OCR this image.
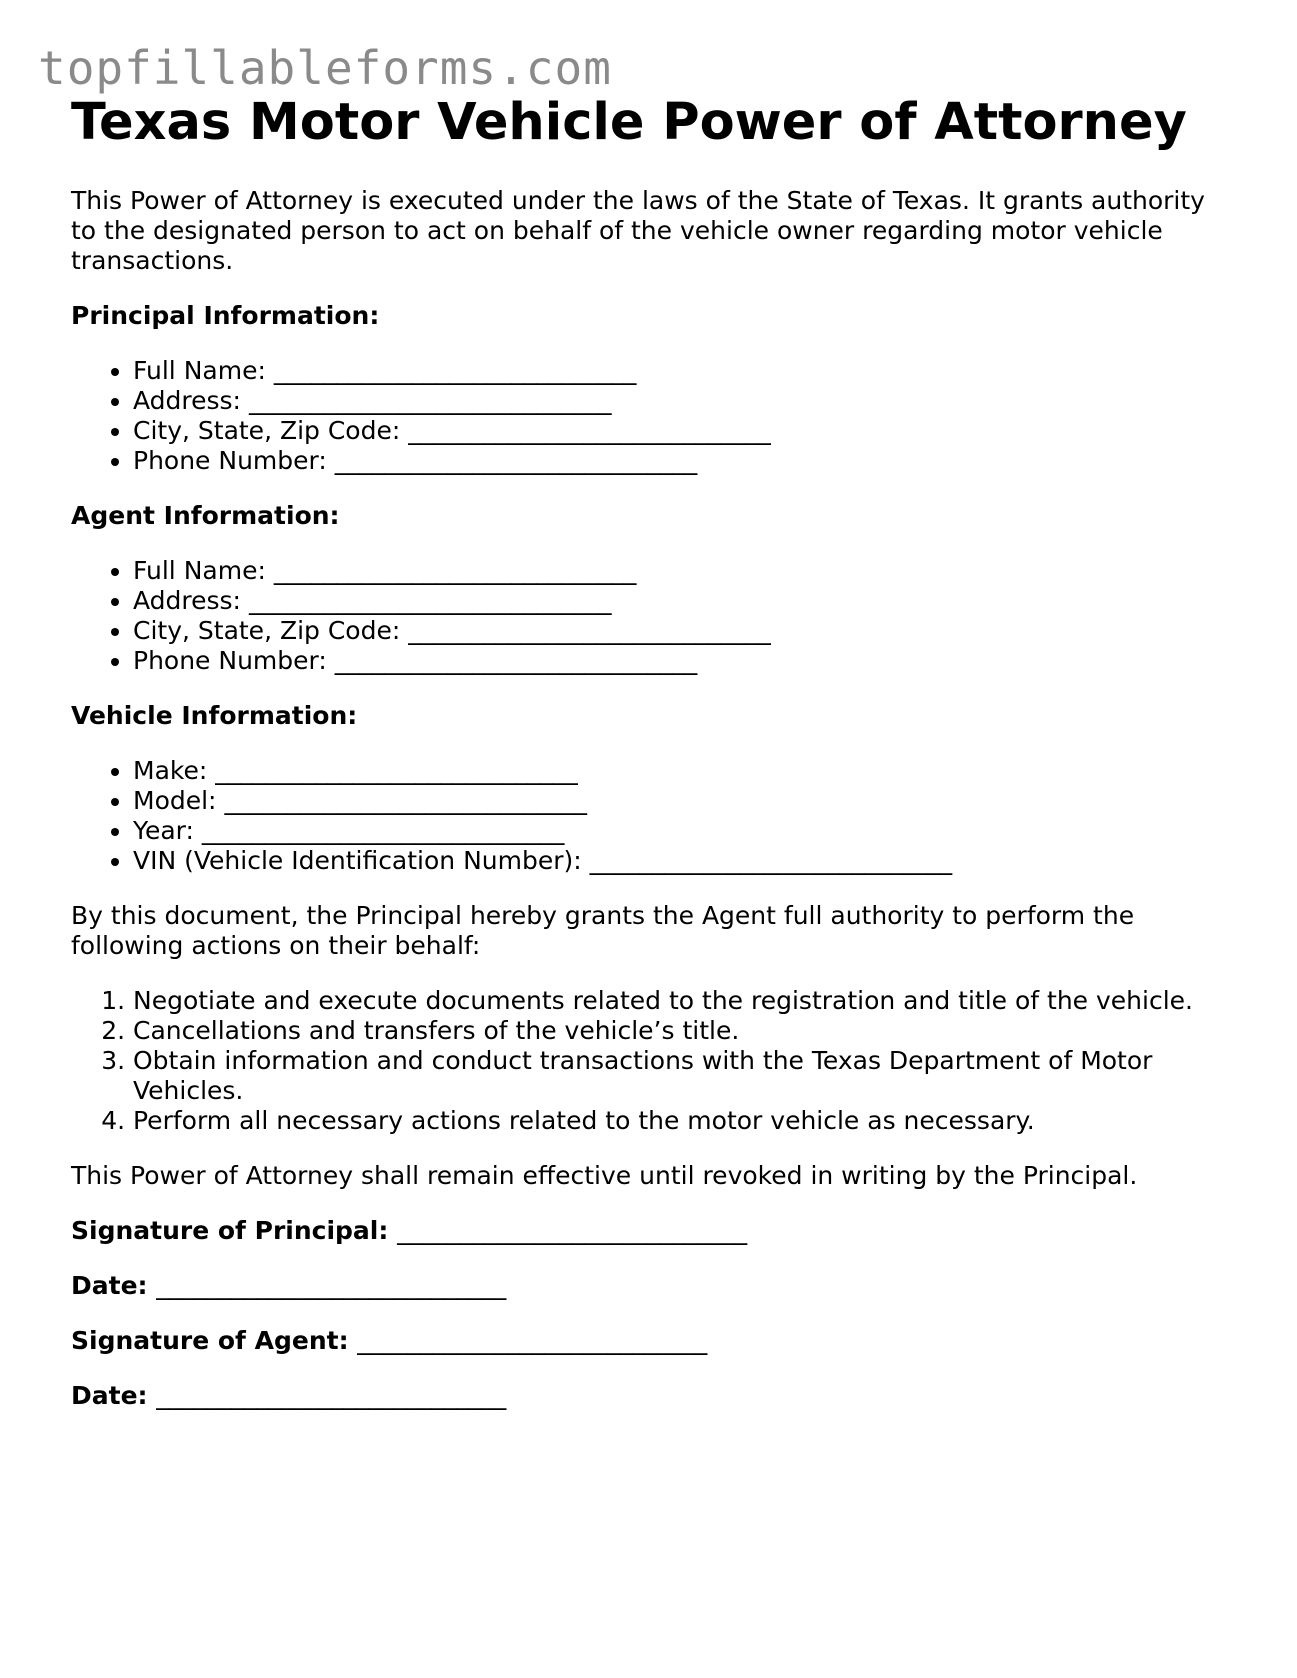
topfillableforms.com
Texas Motor Vehicle Power of Attorney

This Power of Attorney is executed under the laws of the State of Texas. It grants authority to the designated person to act on behalf of the vehicle owner regarding motor vehicle transactions.

Principal Information:

• Full Name: _____________________________
• Address: _____________________________
• City, State, Zip Code: _____________________________
• Phone Number: _____________________________

Agent Information:

• Full Name: _____________________________
• Address: _____________________________
• City, State, Zip Code: _____________________________
• Phone Number: _____________________________

Vehicle Information:

• Make: _____________________________
• Model: _____________________________
• Year: _____________________________
• VIN (Vehicle Identification Number): _____________________________

By this document, the Principal hereby grants the Agent full authority to perform the following actions on their behalf:

1. Negotiate and execute documents related to the registration and title of the vehicle.
2. Cancellations and transfers of the vehicle’s title.
3. Obtain information and conduct transactions with the Texas Department of Motor Vehicles.
4. Perform all necessary actions related to the motor vehicle as necessary.

This Power of Attorney shall remain effective until revoked in writing by the Principal.

Signature of Principal: ____________________________

Date: ____________________________

Signature of Agent: ____________________________

Date: ____________________________
